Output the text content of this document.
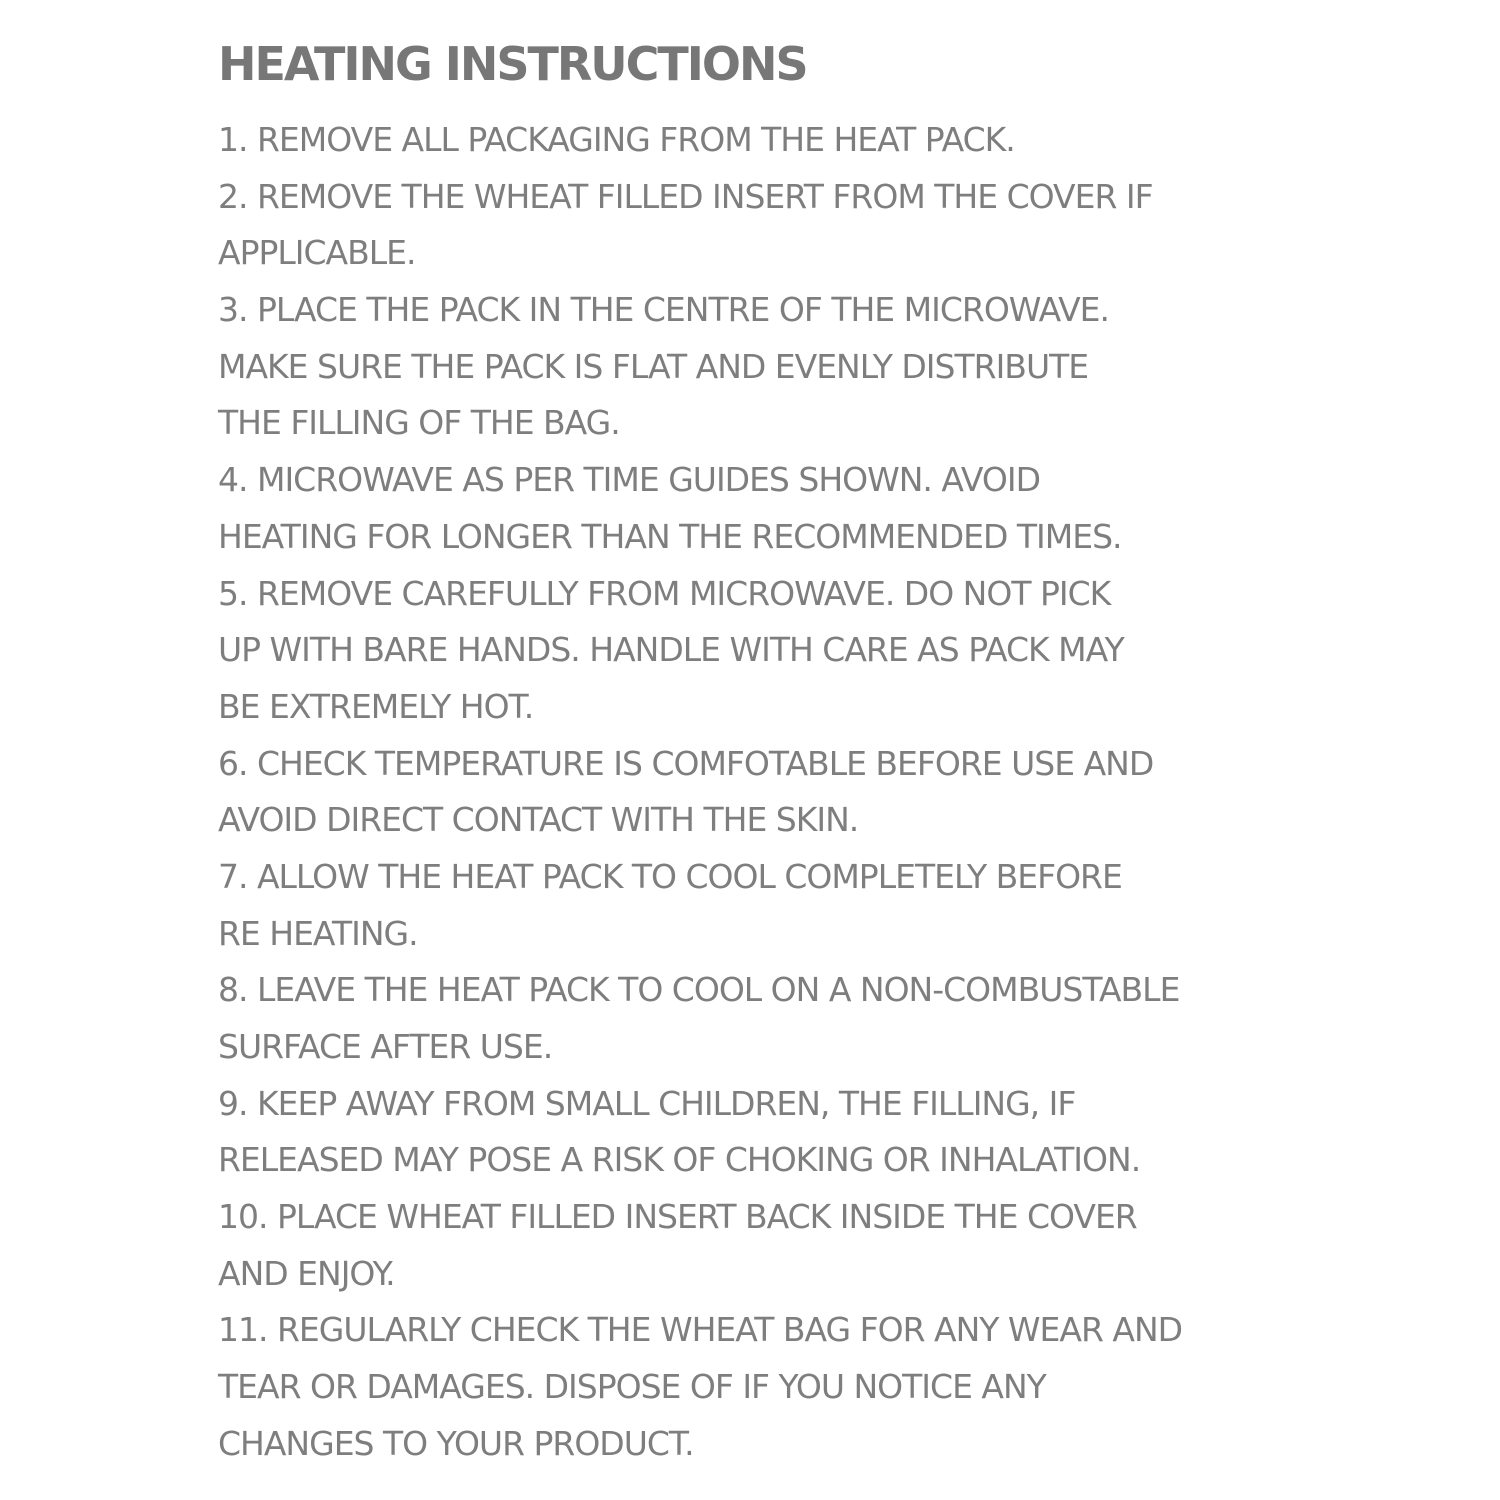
HEATING INSTRUCTIONS
1. REMOVE ALL PACKAGING FROM THE HEAT PACK.
2. REMOVE THE WHEAT FILLED INSERT FROM THE COVER IF
APPLICABLE.
3. PLACE THE PACK IN THE CENTRE OF THE MICROWAVE.
MAKE SURE THE PACK IS FLAT AND EVENLY DISTRIBUTE
THE FILLING OF THE BAG.
4. MICROWAVE AS PER TIME GUIDES SHOWN. AVOID
HEATING FOR LONGER THAN THE RECOMMENDED TIMES.
5. REMOVE CAREFULLY FROM MICROWAVE. DO NOT PICK
UP WITH BARE HANDS. HANDLE WITH CARE AS PACK MAY
BE EXTREMELY HOT.
6. CHECK TEMPERATURE IS COMFOTABLE BEFORE USE AND
AVOID DIRECT CONTACT WITH THE SKIN.
7. ALLOW THE HEAT PACK TO COOL COMPLETELY BEFORE
RE HEATING.
8. LEAVE THE HEAT PACK TO COOL ON A NON-COMBUSTABLE
SURFACE AFTER USE.
9. KEEP AWAY FROM SMALL CHILDREN, THE FILLING, IF
RELEASED MAY POSE A RISK OF CHOKING OR INHALATION.
10. PLACE WHEAT FILLED INSERT BACK INSIDE THE COVER
AND ENJOY.
11. REGULARLY CHECK THE WHEAT BAG FOR ANY WEAR AND
TEAR OR DAMAGES. DISPOSE OF IF YOU NOTICE ANY
CHANGES TO YOUR PRODUCT.
